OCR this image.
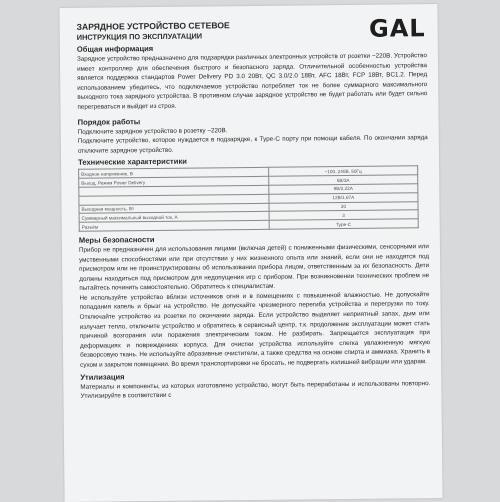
GAL
ЗАРЯДНОЕ УСТРОЙСТВО СЕТЕВОЕ
ИНСТРУКЦИЯ ПО ЭКСПЛУАТАЦИИ
Общая информация

Зарядное устройство предназначено для подзарядки различных электронных устройств от розетки ~220В. Устройство имеет контроллер для обеспечения быстрого и безопасного заряда. Отличительной особенностью устройства является поддержка стандартов Power Delivery PD 3.0 20Вт, QC 3.0/2.0 18Вт, AFC 18Вт, FCP 18Вт, BC1.2. Перед использованием убедитесь, что подключаемое устройство потребляет ток не более суммарного максимального выходного тока зарядного устройства. В противном случае зарядное устройство не будет работать или будет сильно перегреваться и выйдет из строя.

Порядок работы

Подключите зарядное устройство в розетку ~220В.

Подключите устройство, которое нуждается в подзарядке, к Type-C порту при помощи кабеля. По окончании заряда отключите зарядное устройство.

Технические характеристики
Входное напряжение, В	~100..240В, 50Гц
Выход, Режим Power Delivery	5В/3А
	9В/2,22А
	12В/1,67А
Выходная мощность, Вт	20
Суммарный максимальный выходной ток, А	3
Разъём	Type-C
Меры безопасности

Прибор не предназначен для использования лицами (включая детей) с пониженными физическими, сенсорными или умственными способностями или при отсутствии у них жизненного опыта или знаний, если они не находятся под присмотром или не проинструктированы об использовании прибора лицом, ответственным за их безопасность. Дети должны находиться под присмотром для недопущения игр с прибором. При возникновении технических проблем не пытайтесь починить самостоятельно. Обратитесь к специалистам.

Не используйте устройство вблизи источников огня и в помещениях с повышенной влажностью. Не допускайте попадания капель и брызг на устройство. Не допускайте чрезмерного перегиба устройства и перегрузки по току. Отключайте устройство из розетки по окончании заряда. Если устройство выделяет неприятный запах, дым или излучает тепло, отключите устройство и обратитесь в сервисный центр, т.к. продолжение эксплуатации может стать причиной возгорания или поражения электрическим током. Не разбирать. Запрещается эксплуатация при деформациях и повреждениях корпуса. Для очистки устройства используйте слегка увлажненную мягкую безворсовую ткань. Не используйте абразивные очистители, а также средства на основе спирта и аммиака. Хранить в сухом и закрытом помещении. Во время транспортировки не бросать, не подвергать излишней вибрации или ударам.

Утилизация

Материалы и компоненты, из которых изготовлено устройство, могут быть переработаны и использованы повторно. Утилизируйте в соответствии с
